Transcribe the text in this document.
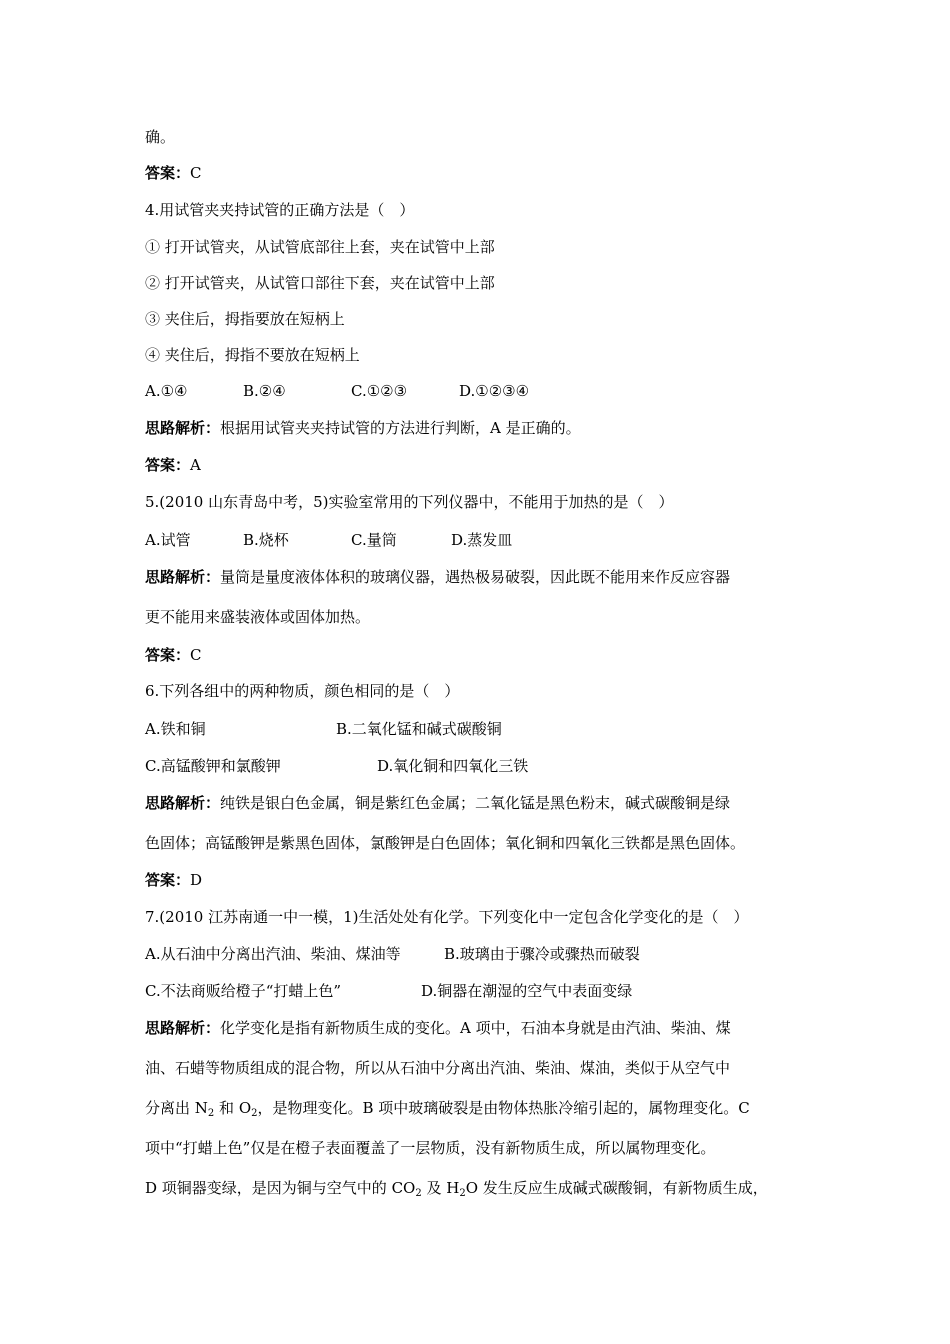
确。
答案：C
4.用试管夹夹持试管的正确方法是（　）
① 打开试管夹，从试管底部往上套，夹在试管中上部
② 打开试管夹，从试管口部往下套，夹在试管中上部
③ 夹住后，拇指要放在短柄上
④ 夹住后，拇指不要放在短柄上
A.①④	B.②④	C.①②③	D.①②③④
思路解析：根据用试管夹夹持试管的方法进行判断，A 是正确的。
答案：A
5.(2010 山东青岛中考，5)实验室常用的下列仪器中，不能用于加热的是（　）
A.试管	B.烧杯	C.量筒	D.蒸发皿
思路解析：量筒是量度液体体积的玻璃仪器，遇热极易破裂，因此既不能用来作反应容器
更不能用来盛装液体或固体加热。
答案：C
6.下列各组中的两种物质，颜色相同的是（　）
A.铁和铜	B.二氧化锰和碱式碳酸铜
C.高锰酸钾和氯酸钾	D.氧化铜和四氧化三铁
思路解析：纯铁是银白色金属，铜是紫红色金属；二氧化锰是黑色粉末，碱式碳酸铜是绿
色固体；高锰酸钾是紫黑色固体，氯酸钾是白色固体；氧化铜和四氧化三铁都是黑色固体。
答案：D
7.(2010 江苏南通一中一模，1)生活处处有化学。下列变化中一定包含化学变化的是（　）
A.从石油中分离出汽油、柴油、煤油等	B.玻璃由于骤冷或骤热而破裂
C.不法商贩给橙子“打蜡上色”	D.铜器在潮湿的空气中表面变绿
思路解析：化学变化是指有新物质生成的变化。A 项中，石油本身就是由汽油、柴油、煤
油、石蜡等物质组成的混合物，所以从石油中分离出汽油、柴油、煤油，类似于从空气中
分离出 $N_2$ 和 $O_2$，是物理变化。B 项中玻璃破裂是由物体热胀冷缩引起的，属物理变化。C
项中“打蜡上色”仅是在橙子表面覆盖了一层物质，没有新物质生成，所以属物理变化。
D 项铜器变绿，是因为铜与空气中的 $CO_2$ 及 $H_2O$ 发生反应生成碱式碳酸铜，有新物质生成，
